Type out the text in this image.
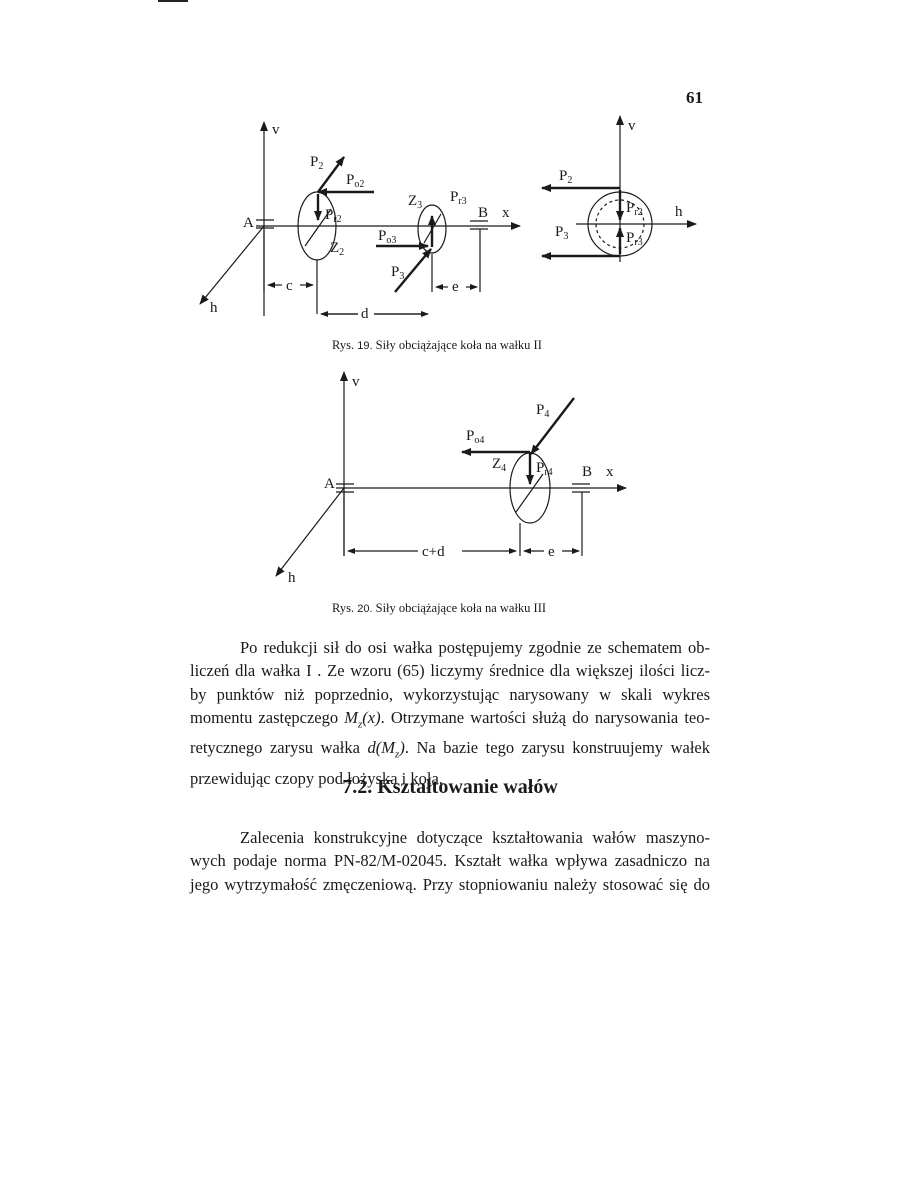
61
v
h
A
B x
$P_2$
$P_{o2}$
$P_{r2}$
$Z_2$
$Z_3$
$P_{r3}$
$P_{o3}$
$P_3$
c
d
e
v
h
$P_2$
$P_3$
$P_{r2}$
$P_{r3}$
Rys. 19. Siły obciążające koła na wałku II
v
h
A
B x
$P_4$
$P_{o4}$
$Z_4$ $P_{r4}$
c+d	e
Rys. 20. Siły obciążające koła na wałku III

Po redukcji sił do osi wałka postępujemy zgodnie ze schematem ob-
liczeń dla wałka I . Ze wzoru (65) liczymy średnice dla większej ilości licz-
by punktów niż poprzednio, wykorzystując narysowany w skali wykres
momentu zastępczego $M_z(x)$. Otrzymane wartości służą do narysowania teo-
retycznego zarysu wałka $d(M_z)$. Na bazie tego zarysu konstruujemy wałek
przewidując czopy pod łożyska i koła.

7.2. Kształtowanie wałów

Zalecenia konstrukcyjne dotyczące kształtowania wałów maszyno-
wych podaje norma PN-82/M-02045. Kształt wałka wpływa zasadniczo na
jego wytrzymałość zmęczeniową. Przy stopniowaniu należy stosować się do
